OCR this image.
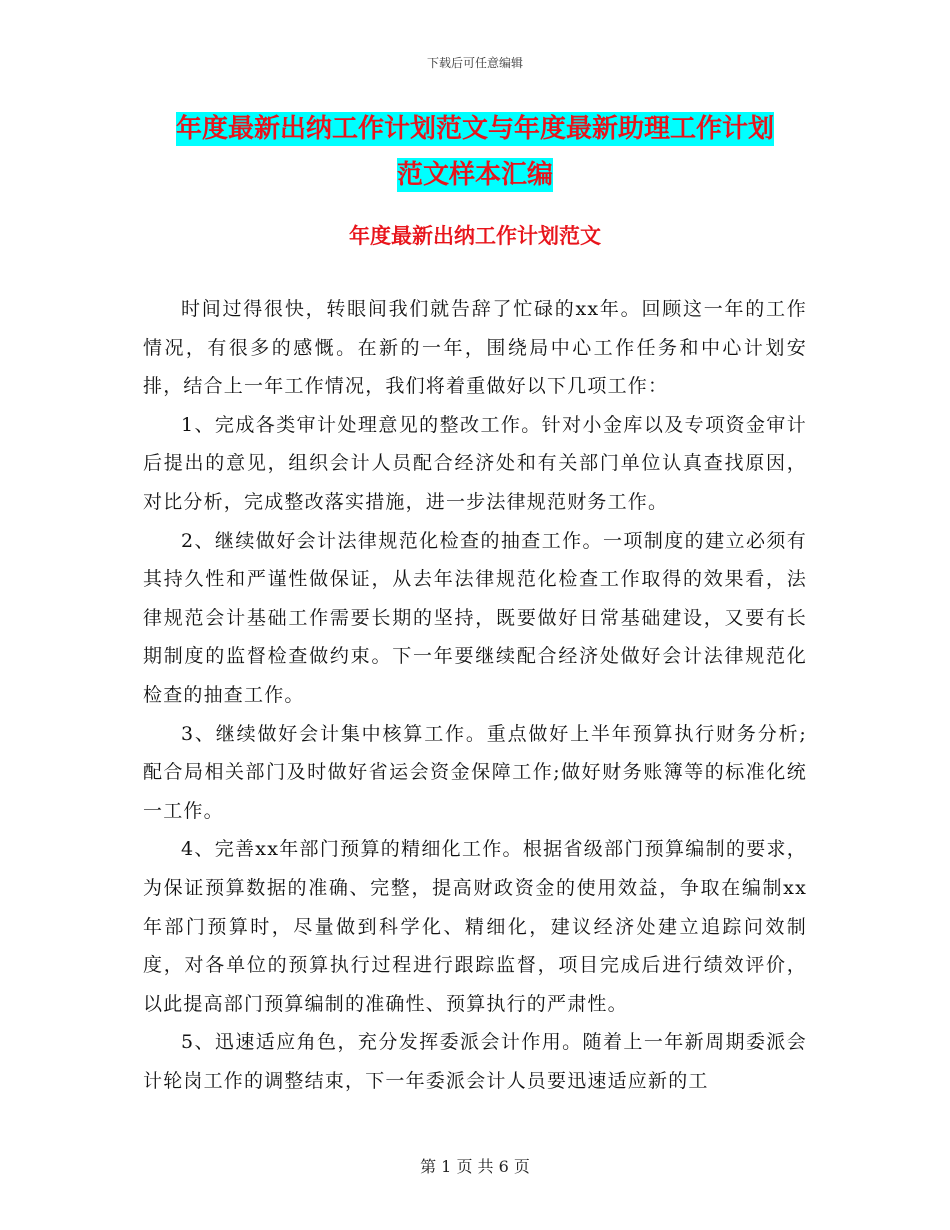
下载后可任意编辑
年度最新出纳工作计划范文与年度最新助理工作计划
范文样本汇编
年度最新出纳工作计划范文

时间过得很快，转眼间我们就告辞了忙碌的xx年。回顾这一年的工作情况，有很多的感慨。在新的一年，围绕局中心工作任务和中心计划安排，结合上一年工作情况，我们将着重做好以下几项工作：

1、完成各类审计处理意见的整改工作。针对小金库以及专项资金审计后提出的意见，组织会计人员配合经济处和有关部门单位认真查找原因，对比分析，完成整改落实措施，进一步法律规范财务工作。

2、继续做好会计法律规范化检查的抽查工作。一项制度的建立必须有其持久性和严谨性做保证，从去年法律规范化检查工作取得的效果看，法律规范会计基础工作需要长期的坚持，既要做好日常基础建设，又要有长期制度的监督检查做约束。下一年要继续配合经济处做好会计法律规范化检查的抽查工作。

3、继续做好会计集中核算工作。重点做好上半年预算执行财务分析;配合局相关部门及时做好省运会资金保障工作;做好财务账簿等的标准化统一工作。

4、完善xx年部门预算的精细化工作。根据省级部门预算编制的要求，为保证预算数据的准确、完整，提高财政资金的使用效益，争取在编制xx年部门预算时，尽量做到科学化、精细化，建议经济处建立追踪问效制度，对各单位的预算执行过程进行跟踪监督，项目完成后进行绩效评价，以此提高部门预算编制的准确性、预算执行的严肃性。

5、迅速适应角色，充分发挥委派会计作用。随着上一年新周期委派会计轮岗工作的调整结束，下一年委派会计人员要迅速适应新的工

第 1 页 共 6 页
